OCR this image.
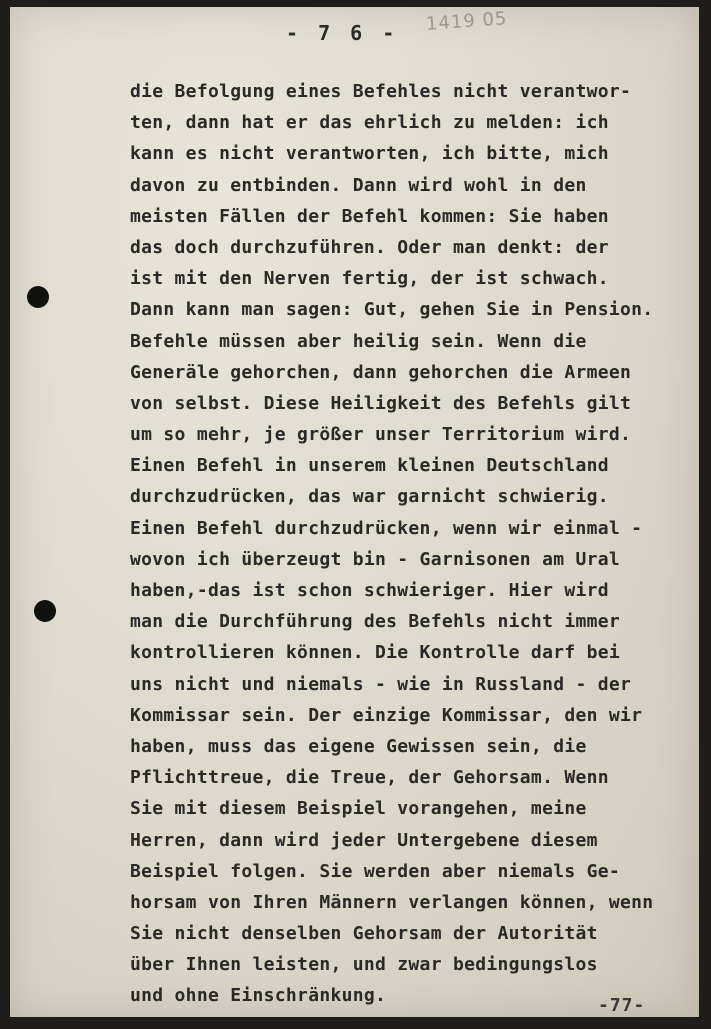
- 7 6 - 1419 05
die Befolgung eines Befehles nicht verantwor-
ten, dann hat er das ehrlich zu melden: ich
kann es nicht verantworten, ich bitte, mich
davon zu entbinden. Dann wird wohl in den
meisten Fällen der Befehl kommen: Sie haben
das doch durchzuführen. Oder man denkt: der
ist mit den Nerven fertig, der ist schwach.
Dann kann man sagen: Gut, gehen Sie in Pension.
Befehle müssen aber heilig sein. Wenn die
Generäle gehorchen, dann gehorchen die Armeen
von selbst. Diese Heiligkeit des Befehls gilt
um so mehr, je größer unser Territorium wird.
Einen Befehl in unserem kleinen Deutschland
durchzudrücken, das war garnicht schwierig.
Einen Befehl durchzudrücken, wenn wir einmal -
wovon ich überzeugt bin - Garnisonen am Ural
haben,-das ist schon schwieriger. Hier wird
man die Durchführung des Befehls nicht immer
kontrollieren können. Die Kontrolle darf bei
uns nicht und niemals - wie in Russland - der
Kommissar sein. Der einzige Kommissar, den wir
haben, muss das eigene Gewissen sein, die
Pflichttreue, die Treue, der Gehorsam. Wenn
Sie mit diesem Beispiel vorangehen, meine
Herren, dann wird jeder Untergebene diesem
Beispiel folgen. Sie werden aber niemals Ge-
horsam von Ihren Männern verlangen können, wenn
Sie nicht denselben Gehorsam der Autorität
über Ihnen leisten, und zwar bedingungslos
und ohne Einschränkung.	-77-
